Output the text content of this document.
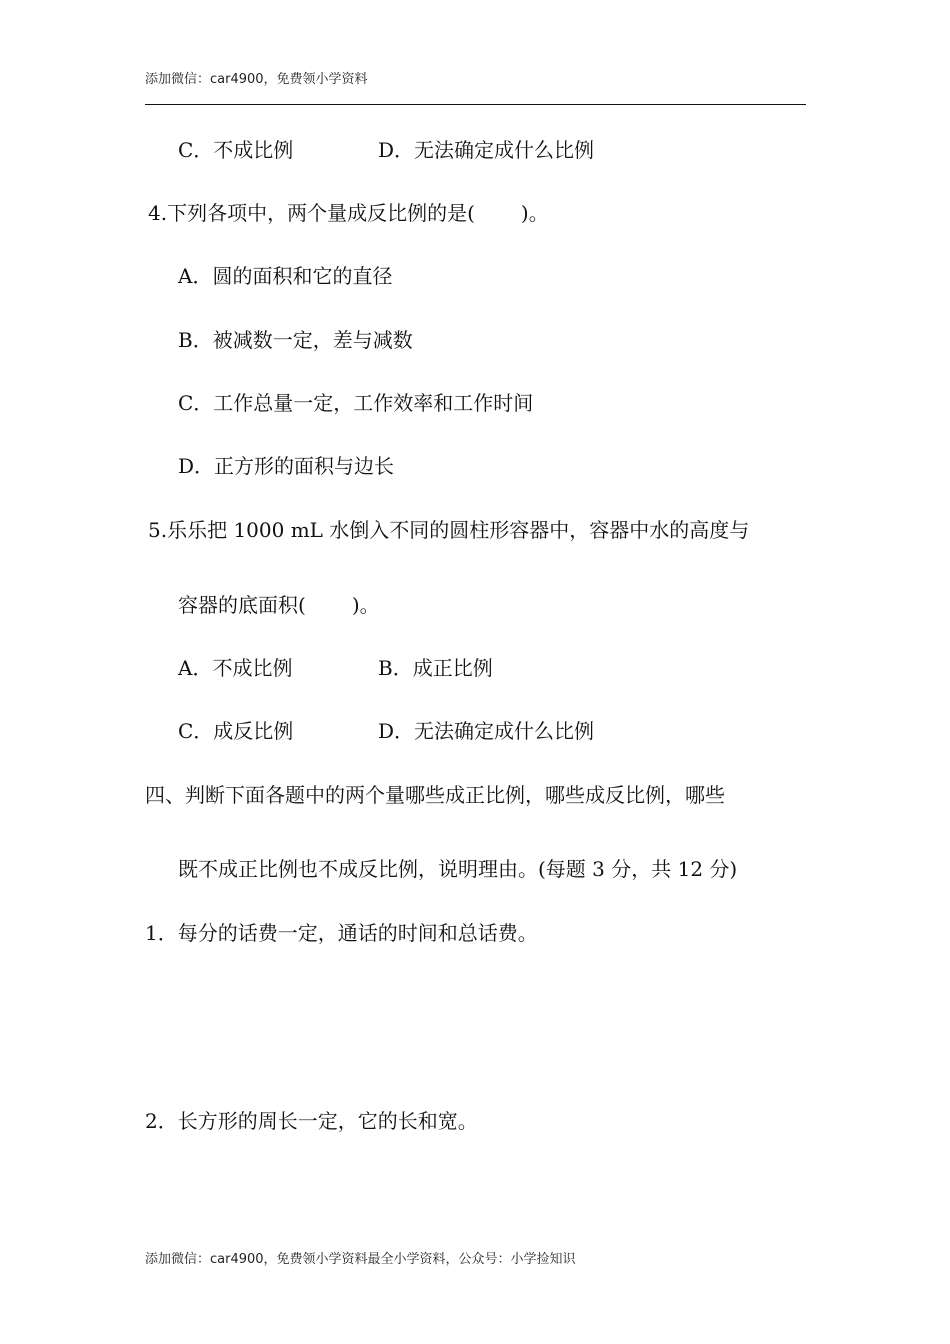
添加微信：car4900，免费领小学资料
C．不成比例	D．无法确定成什么比例
4.下列各项中，两个量成反比例的是( )。
A．圆的面积和它的直径
B．被减数一定，差与减数
C．工作总量一定，工作效率和工作时间
D．正方形的面积与边长
5.乐乐把 1000 mL 水倒入不同的圆柱形容器中，容器中水的高度与
容器的底面积( )。
A．不成比例	B．成正比例
C．成反比例	D．无法确定成什么比例
四、判断下面各题中的两个量哪些成正比例，哪些成反比例，哪些
既不成正比例也不成反比例，说明理由。(每题 3 分，共 12 分)
1．每分的话费一定，通话的时间和总话费。
2．长方形的周长一定，它的长和宽。
添加微信：car4900，免费领小学资料最全小学资料，公众号：小学捡知识
